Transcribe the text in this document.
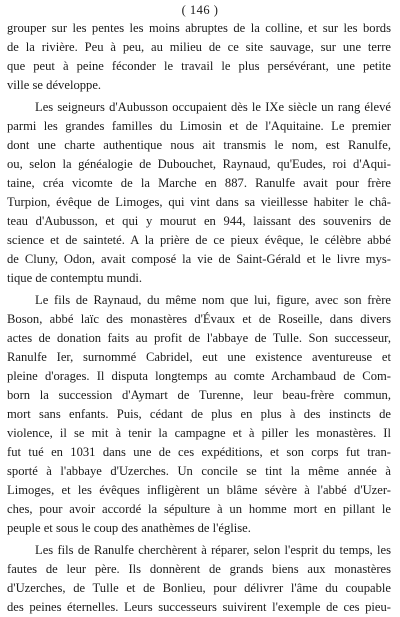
( 146 )
grouper sur les pentes les moins abruptes de la colline, et sur les bords
de la rivière. Peu à peu, au milieu de ce site sauvage, sur une terre
que peut à peine féconder le travail le plus persévérant, une petite
ville se développe.
Les seigneurs d'Aubusson occupaient dès le IXe siècle un rang élevé
parmi les grandes familles du Limosin et de l'Aquitaine. Le premier
dont une charte authentique nous ait transmis le nom, est Ranulfe,
ou, selon la généalogie de Dubouchet, Raynaud, qu'Eudes, roi d'Aqui-
taine, créa vicomte de la Marche en 887. Ranulfe avait pour frère
Turpion, évêque de Limoges, qui vint dans sa vieillesse habiter le châ-
teau d'Aubusson, et qui y mourut en 944, laissant des souvenirs de
science et de sainteté. A la prière de ce pieux évêque, le célèbre abbé
de Cluny, Odon, avait composé la vie de Saint-Gérald et le livre mys-
tique de contemptu mundi.
Le fils de Raynaud, du même nom que lui, figure, avec son frère
Boson, abbé laïc des monastères d'Évaux et de Roseille, dans divers
actes de donation faits au profit de l'abbaye de Tulle. Son successeur,
Ranulfe Ier, surnommé Cabridel, eut une existence aventureuse et
pleine d'orages. Il disputa longtemps au comte Archambaud de Com-
born la succession d'Aymart de Turenne, leur beau-frère commun,
mort sans enfants. Puis, cédant de plus en plus à des instincts de
violence, il se mit à tenir la campagne et à piller les monastères. Il
fut tué en 1031 dans une de ces expéditions, et son corps fut tran-
sporté à l'abbaye d'Uzerches. Un concile se tint la même année à
Limoges, et les évêques infligèrent un blâme sévère à l'abbé d'Uzer-
ches, pour avoir accordé la sépulture à un homme mort en pillant le
peuple et sous le coup des anathèmes de l'église.
Les fils de Ranulfe cherchèrent à réparer, selon l'esprit du temps, les
fautes de leur père. Ils donnèrent de grands biens aux monastères
d'Uzerches, de Tulle et de Bonlieu, pour délivrer l'âme du coupable
des peines éternelles. Leurs successeurs suivirent l'exemple de ces pieu-
